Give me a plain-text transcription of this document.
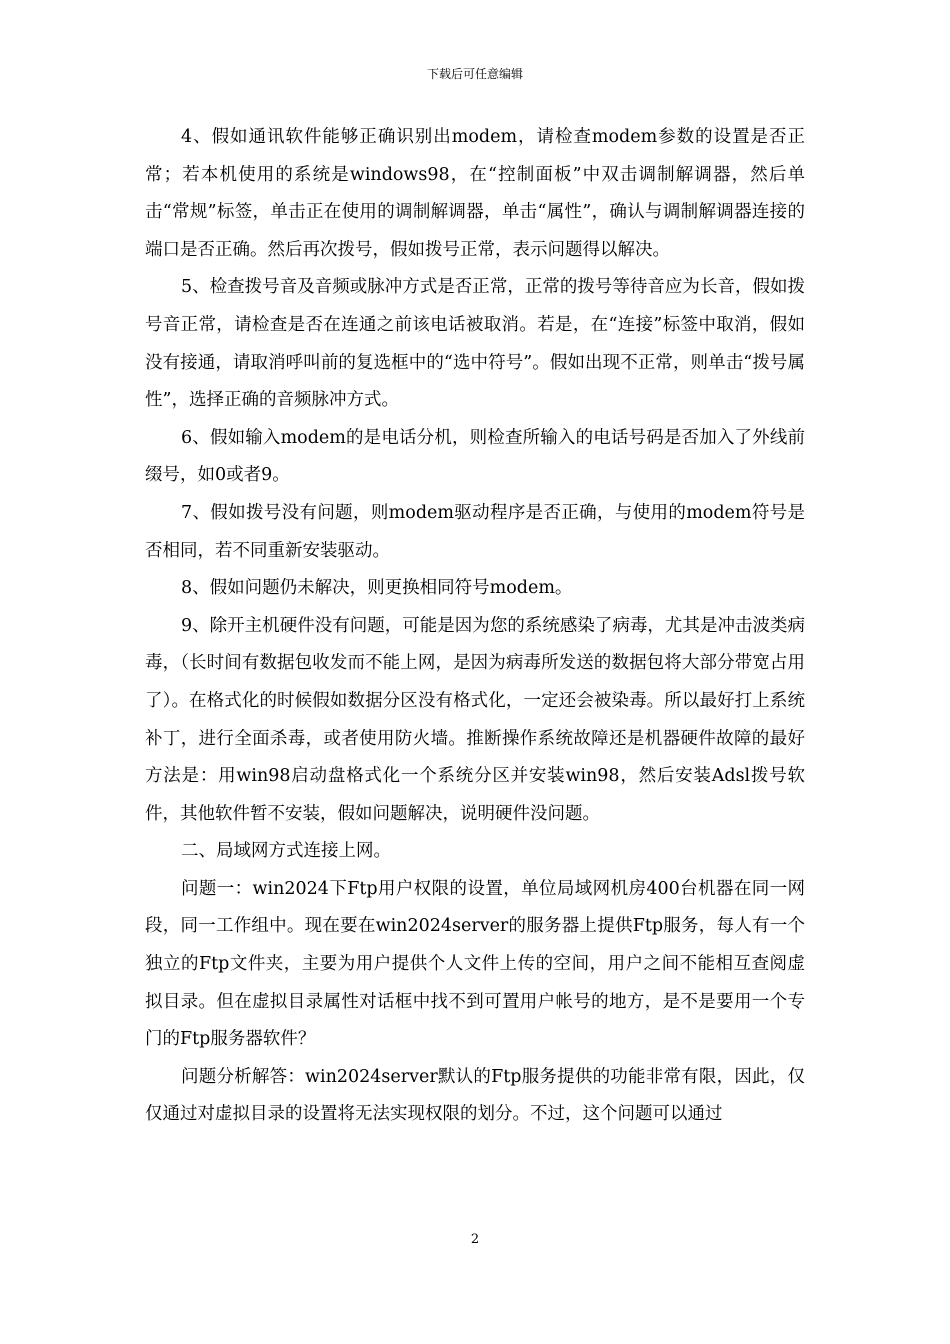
下载后可任意编辑

4、假如通讯软件能够正确识别出modem，请检查modem参数的设置是否正常；若本机使用的系统是windows98，在“控制面板”中双击调制解调器，然后单击“常规”标签，单击正在使用的调制解调器，单击“属性”，确认与调制解调器连接的端口是否正确。然后再次拨号，假如拨号正常，表示问题得以解决。

5、检查拨号音及音频或脉冲方式是否正常，正常的拨号等待音应为长音，假如拨号音正常，请检查是否在连通之前该电话被取消。若是，在“连接”标签中取消，假如没有接通，请取消呼叫前的复选框中的“选中符号”。假如出现不正常，则单击“拨号属性”，选择正确的音频脉冲方式。

6、假如输入modem的是电话分机，则检查所输入的电话号码是否加入了外线前缀号，如0或者9。

7、假如拨号没有问题，则modem驱动程序是否正确，与使用的modem符号是否相同，若不同重新安装驱动。

8、假如问题仍未解决，则更换相同符号modem。

9、除开主机硬件没有问题，可能是因为您的系统感染了病毒，尤其是冲击波类病毒，（长时间有数据包收发而不能上网，是因为病毒所发送的数据包将大部分带宽占用了）。在格式化的时候假如数据分区没有格式化，一定还会被染毒。所以最好打上系统补丁，进行全面杀毒，或者使用防火墙。推断操作系统故障还是机器硬件故障的最好方法是：用win98启动盘格式化一个系统分区并安装win98，然后安装Adsl拨号软件，其他软件暂不安装，假如问题解决，说明硬件没问题。

二、局域网方式连接上网。

问题一：win2024下Ftp用户权限的设置，单位局域网机房400台机器在同一网段，同一工作组中。现在要在win2024server的服务器上提供Ftp服务，每人有一个独立的Ftp文件夹，主要为用户提供个人文件上传的空间，用户之间不能相互查阅虚拟目录。但在虚拟目录属性对话框中找不到可置用户帐号的地方，是不是要用一个专门的Ftp服务器软件？

问题分析解答：win2024server默认的Ftp服务提供的功能非常有限，因此，仅仅通过对虚拟目录的设置将无法实现权限的划分。不过，这个问题可以通过

2
